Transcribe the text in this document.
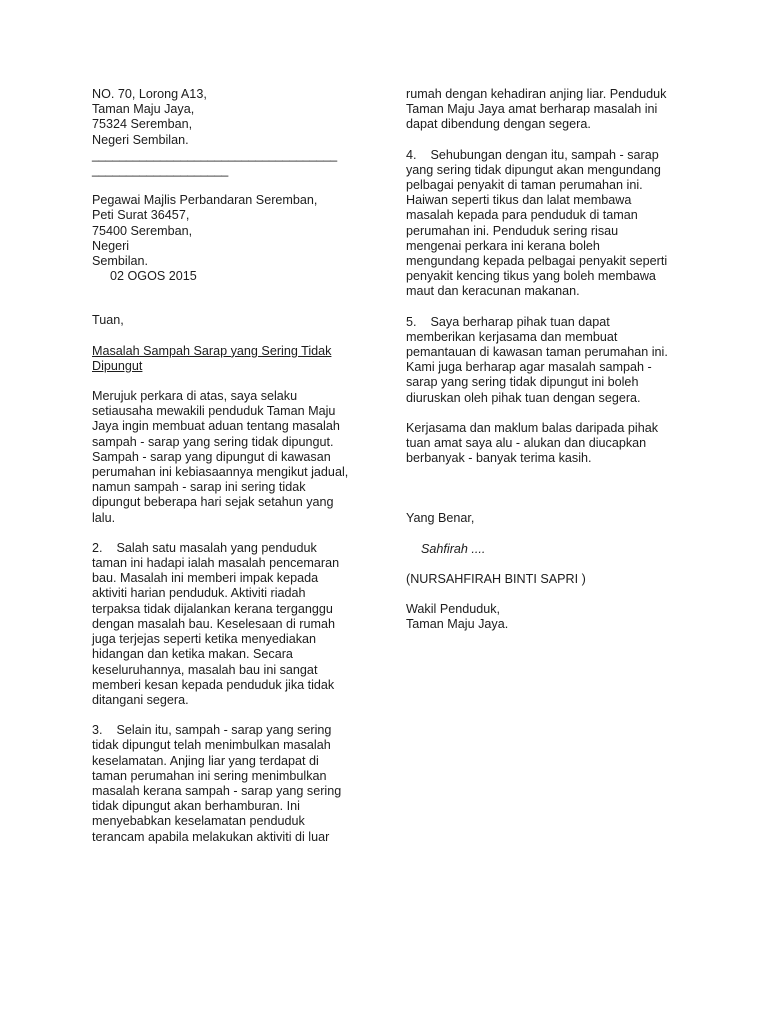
NO. 70, Lorong A13,
Taman Maju Jaya,
75324 Seremban,
Negeri Sembilan.
____________________________________
____________________
Pegawai Majlis Perbandaran Seremban,
Peti Surat 36457,
75400 Seremban,
Negeri
Sembilan.
02 OGOS 2015
Tuan,
Masalah Sampah Sarap yang Sering Tidak
Dipungut
Merujuk perkara di atas, saya selaku
setiausaha mewakili penduduk Taman Maju
Jaya ingin membuat aduan tentang masalah
sampah - sarap yang sering tidak dipungut.
Sampah - sarap yang dipungut di kawasan
perumahan ini kebiasaannya mengikut jadual,
namun sampah - sarap ini sering tidak
dipungut beberapa hari sejak setahun yang
lalu.
2.    Salah satu masalah yang penduduk
taman ini hadapi ialah masalah pencemaran
bau. Masalah ini memberi impak kepada
aktiviti harian penduduk. Aktiviti riadah
terpaksa tidak dijalankan kerana terganggu
dengan masalah bau. Keselesaan di rumah
juga terjejas seperti ketika menyediakan
hidangan dan ketika makan. Secara
keseluruhannya, masalah bau ini sangat
memberi kesan kepada penduduk jika tidak
ditangani segera.
3.    Selain itu, sampah - sarap yang sering
tidak dipungut telah menimbulkan masalah
keselamatan. Anjing liar yang terdapat di
taman perumahan ini sering menimbulkan
masalah kerana sampah - sarap yang sering
tidak dipungut akan berhamburan. Ini
menyebabkan keselamatan penduduk
terancam apabila melakukan aktiviti di luar
rumah dengan kehadiran anjing liar. Penduduk
Taman Maju Jaya amat berharap masalah ini
dapat dibendung dengan segera.
4.    Sehubungan dengan itu, sampah - sarap
yang sering tidak dipungut akan mengundang
pelbagai penyakit di taman perumahan ini.
Haiwan seperti tikus dan lalat membawa
masalah kepada para penduduk di taman
perumahan ini. Penduduk sering risau
mengenai perkara ini kerana boleh
mengundang kepada pelbagai penyakit seperti
penyakit kencing tikus yang boleh membawa
maut dan keracunan makanan.
5.    Saya berharap pihak tuan dapat
memberikan kerjasama dan membuat
pemantauan di kawasan taman perumahan ini.
Kami juga berharap agar masalah sampah -
sarap yang sering tidak dipungut ini boleh
diuruskan oleh pihak tuan dengan segera.
Kerjasama dan maklum balas daripada pihak
tuan amat saya alu - alukan dan diucapkan
berbanyak - banyak terima kasih.
Yang Benar,
Sahfirah ....
(NURSAHFIRAH BINTI SAPRI )
Wakil Penduduk,
Taman Maju Jaya.
